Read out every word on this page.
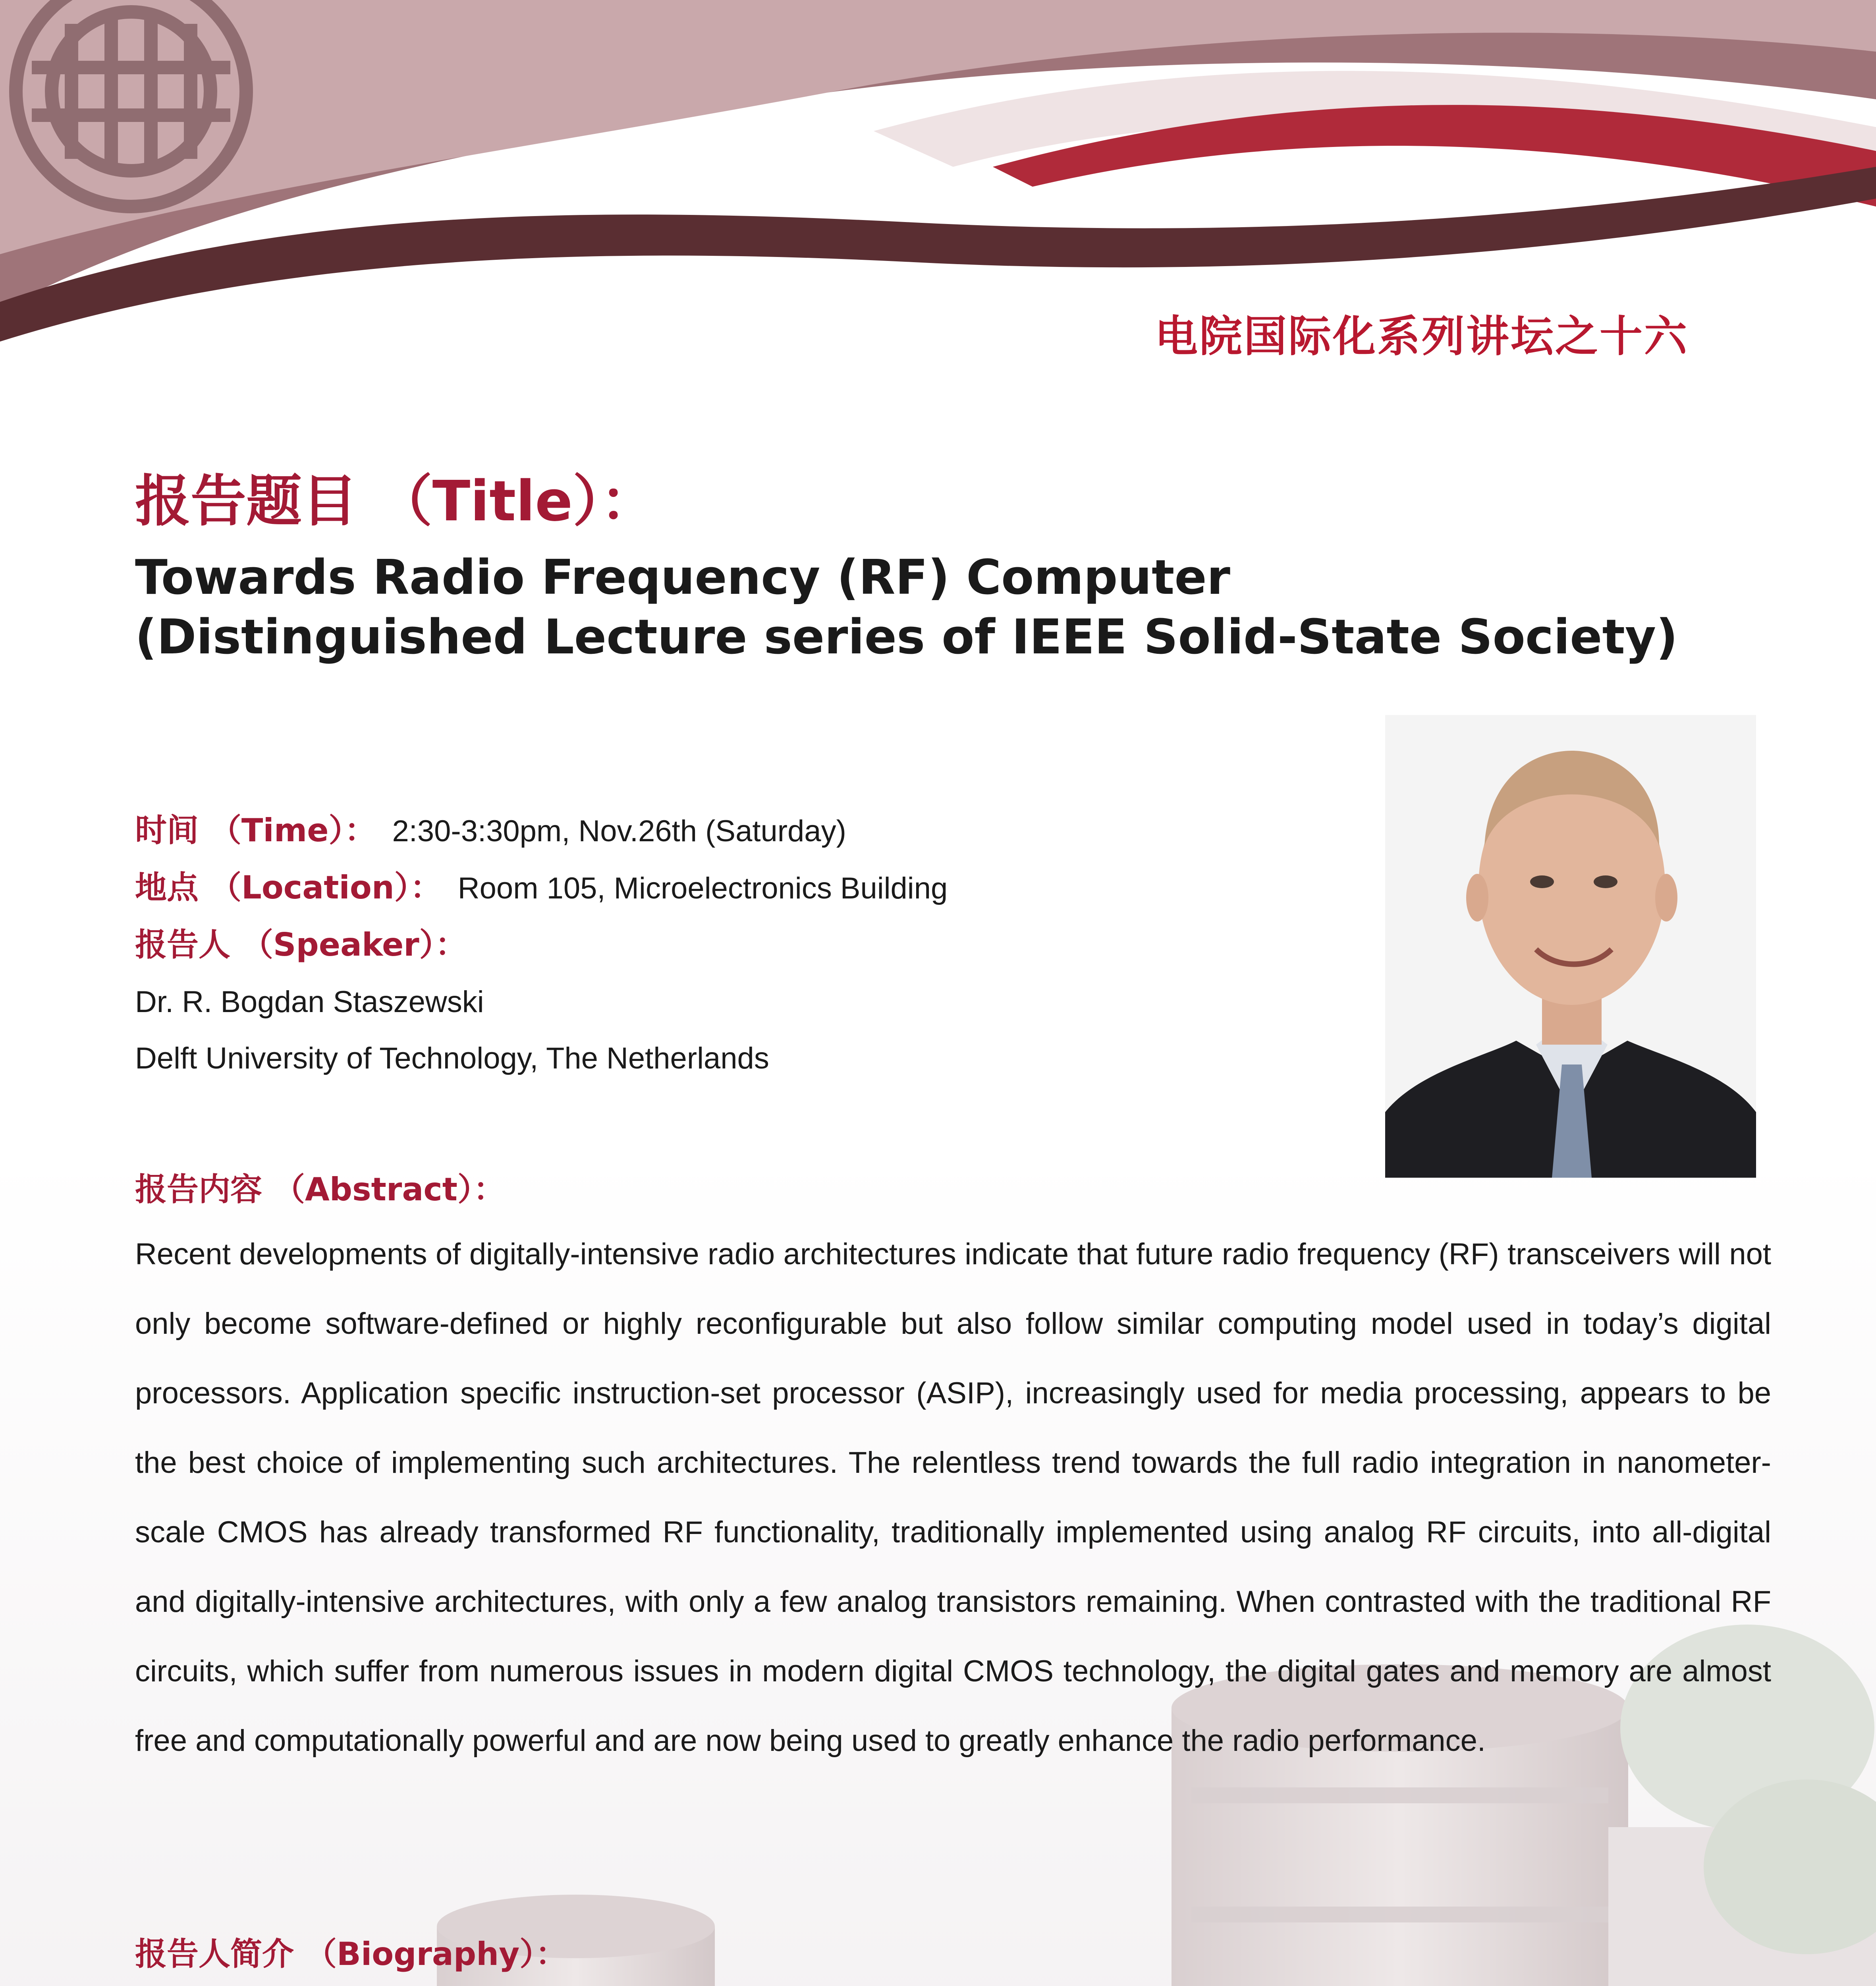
电院国际化系列讲坛之十六
报告题目 （Title）：
Towards Radio Frequency (RF) Computer
(Distinguished Lecture series of IEEE Solid-State Society)
时间 （Time）： 2:30-3:30pm, Nov.26th (Saturday)
地点 （Location）： Room 105, Microelectronics Building
报告人 （Speaker）：
Dr. R. Bogdan Staszewski
Delft University of Technology, The Netherlands
报告内容 （Abstract）：
Recent developments of digitally-intensive radio architectures indicate that future radio frequency (RF) transceivers will not only become software-defined or highly reconfigurable but also follow similar computing model used in today’s digital processors. Application specific instruction-set processor (ASIP), increasingly used for media processing, appears to be the best choice of implementing such architectures. The relentless trend towards the full radio integration in nanometer-scale CMOS has already transformed RF functionality, traditionally implemented using analog RF circuits, into all-digital and digitally-intensive architectures, with only a few analog transistors remaining. When contrasted with the traditional RF circuits, which suffer from numerous issues in modern digital CMOS technology, the digital gates and memory are almost free and computationally powerful and are now being used to greatly enhance the radio performance.
报告人简介 （Biography）：
